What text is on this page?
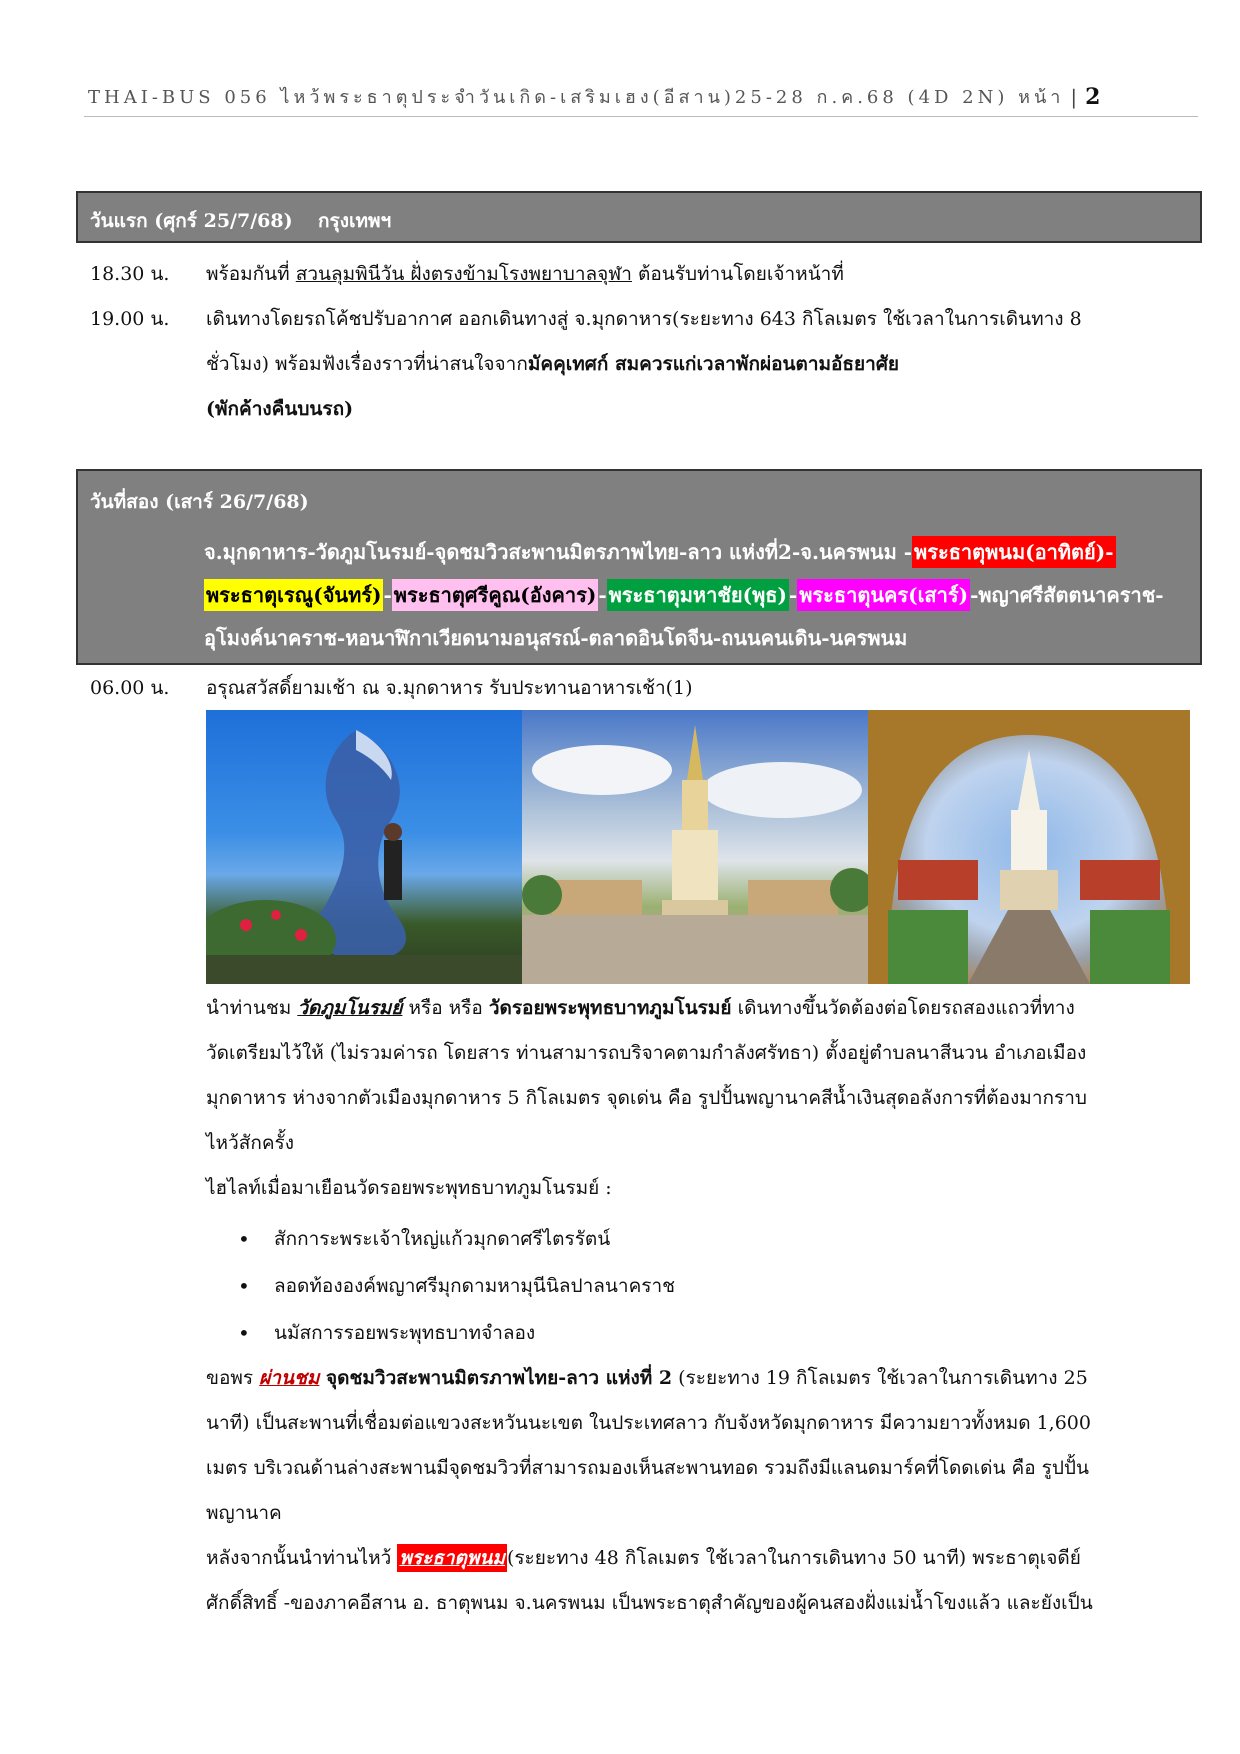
THAI-BUS 056 ไหว้พระธาตุประจำวันเกิด-เสริมเฮง(อีสาน)25-28 ก.ค.68 (4D 2N) หน้า | 2
วันแรก (ศุกร์ 25/7/68) กรุงเทพฯ
18.30 น.	พร้อมกันที่ สวนลุมพินีวัน ฝั่งตรงข้ามโรงพยาบาลจุฬา ต้อนรับท่านโดยเจ้าหน้าที่
19.00 น.	เดินทางโดยรถโค้ชปรับอากาศ ออกเดินทางสู่ จ.มุกดาหาร(ระยะทาง 643 กิโลเมตร ใช้เวลาในการเดินทาง 8
ชั่วโมง) พร้อมฟังเรื่องราวที่น่าสนใจจากมัคคุเทศก์ สมควรแก่เวลาพักผ่อนตามอัธยาศัย
(พักค้างคืนบนรถ)
วันที่สอง (เสาร์ 26/7/68)
จ.มุกดาหาร-วัดภูมโนรมย์-จุดชมวิวสะพานมิตรภาพไทย-ลาว แห่งที่2-จ.นครพนม - พระธาตุพนม(อาทิตย์)-
พระธาตุเรณู(จันทร์) - พระธาตุศรีคูณ(อังคาร) - พระธาตุมหาชัย(พุธ) - พระธาตุนคร(เสาร์) -พญาศรีสัตตนาคราช-
อุโมงค์นาคราช-หอนาฬิกาเวียดนามอนุสรณ์-ตลาดอินโดจีน-ถนนคนเดิน-นครพนม
06.00 น.	อรุณสวัสดิ์ยามเช้า ณ จ.มุกดาหาร รับประทานอาหารเช้า(1)
นำท่านชม วัดภูมโนรมย์ หรือ หรือ วัดรอยพระพุทธบาทภูมโนรมย์ เดินทางขึ้นวัดต้องต่อโดยรถสองแถวที่ทาง
วัดเตรียมไว้ให้ (ไม่รวมค่ารถ โดยสาร ท่านสามารถบริจาคตามกำลังศรัทธา) ตั้งอยู่ตำบลนาสีนวน อำเภอเมือง
มุกดาหาร ห่างจากตัวเมืองมุกดาหาร 5 กิโลเมตร จุดเด่น คือ รูปปั้นพญานาคสีน้ำเงินสุดอลังการที่ต้องมากราบ
ไหว้สักครั้ง
ไฮไลท์เมื่อมาเยือนวัดรอยพระพุทธบาทภูมโนรมย์ :
• สักการะพระเจ้าใหญ่แก้วมุกดาศรีไตรรัตน์
• ลอดท้ององค์พญาศรีมุกดามหามุนีนิลปาลนาคราช
• นมัสการรอยพระพุทธบาทจำลอง
ขอพร ผ่านชม จุดชมวิวสะพานมิตรภาพไทย-ลาว แห่งที่ 2 (ระยะทาง 19 กิโลเมตร ใช้เวลาในการเดินทาง 25
นาที) เป็นสะพานที่เชื่อมต่อแขวงสะหวันนะเขต ในประเทศลาว กับจังหวัดมุกดาหาร มีความยาวทั้งหมด 1,600
เมตร บริเวณด้านล่างสะพานมีจุดชมวิวที่สามารถมองเห็นสะพานทอด รวมถึงมีแลนดมาร์คที่โดดเด่น คือ รูปปั้น
พญานาค
หลังจากนั้นนำท่านไหว้ พระธาตุพนม (ระยะทาง 48 กิโลเมตร ใช้เวลาในการเดินทาง 50 นาที) พระธาตุเจดีย์
ศักดิ์สิทธิ์ -ของภาคอีสาน อ. ธาตุพนม จ.นครพนม เป็นพระธาตุสำคัญของผู้คนสองฝั่งแม่น้ำโขงแล้ว และยังเป็น
